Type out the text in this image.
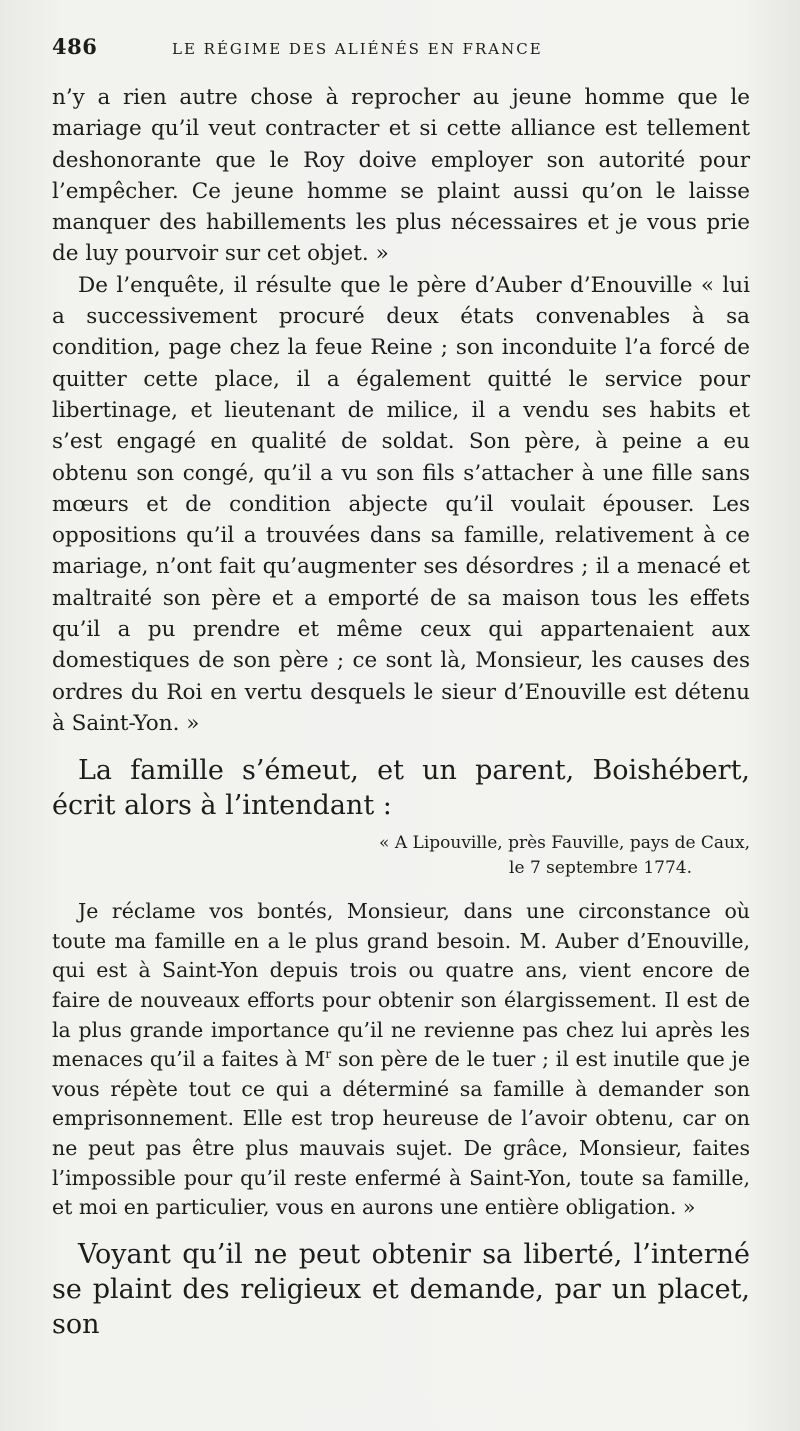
486	LE RÉGIME DES ALIÉNÉS EN FRANCE

n’y a rien autre chose à reprocher au jeune homme que le mariage qu’il veut contracter et si cette alliance est tellement deshonorante que le Roy doive employer son autorité pour l’empêcher. Ce jeune homme se plaint aussi qu’on le laisse manquer des habillements les plus nécessaires et je vous prie de luy pourvoir sur cet objet. »

De l’enquête, il résulte que le père d’Auber d’Enouville « lui a successivement procuré deux états convenables à sa condition, page chez la feue Reine ; son inconduite l’a forcé de quitter cette place, il a également quitté le service pour libertinage, et lieutenant de milice, il a vendu ses habits et s’est engagé en qualité de soldat. Son père, à peine a eu obtenu son congé, qu’il a vu son fils s’attacher à une fille sans mœurs et de condition abjecte qu’il voulait épouser. Les oppositions qu’il a trouvées dans sa famille, relativement à ce mariage, n’ont fait qu’augmenter ses désordres ; il a menacé et maltraité son père et a emporté de sa maison tous les effets qu’il a pu prendre et même ceux qui appartenaient aux domestiques de son père ; ce sont là, Monsieur, les causes des ordres du Roi en vertu desquels le sieur d’Enouville est détenu à Saint-Yon. »

La famille s’émeut, et un parent, Boishébert, écrit alors à l’intendant :

« A Lipouville, près Fauville, pays de Caux,
le 7 septembre 1774.

Je réclame vos bontés, Monsieur, dans une circonstance où toute ma famille en a le plus grand besoin. M. Auber d’Enouville, qui est à Saint-Yon depuis trois ou quatre ans, vient encore de faire de nouveaux efforts pour obtenir son élargissement. Il est de la plus grande importance qu’il ne revienne pas chez lui après les menaces qu’il a faites à $M^r$ son père de le tuer ; il est inutile que je vous répète tout ce qui a déterminé sa famille à demander son emprisonnement. Elle est trop heureuse de l’avoir obtenu, car on ne peut pas être plus mauvais sujet. De grâce, Monsieur, faites l’impossible pour qu’il reste enfermé à Saint-Yon, toute sa famille, et moi en particulier, vous en aurons une entière obligation. »

Voyant qu’il ne peut obtenir sa liberté, l’interné se plaint des religieux et demande, par un placet, son
